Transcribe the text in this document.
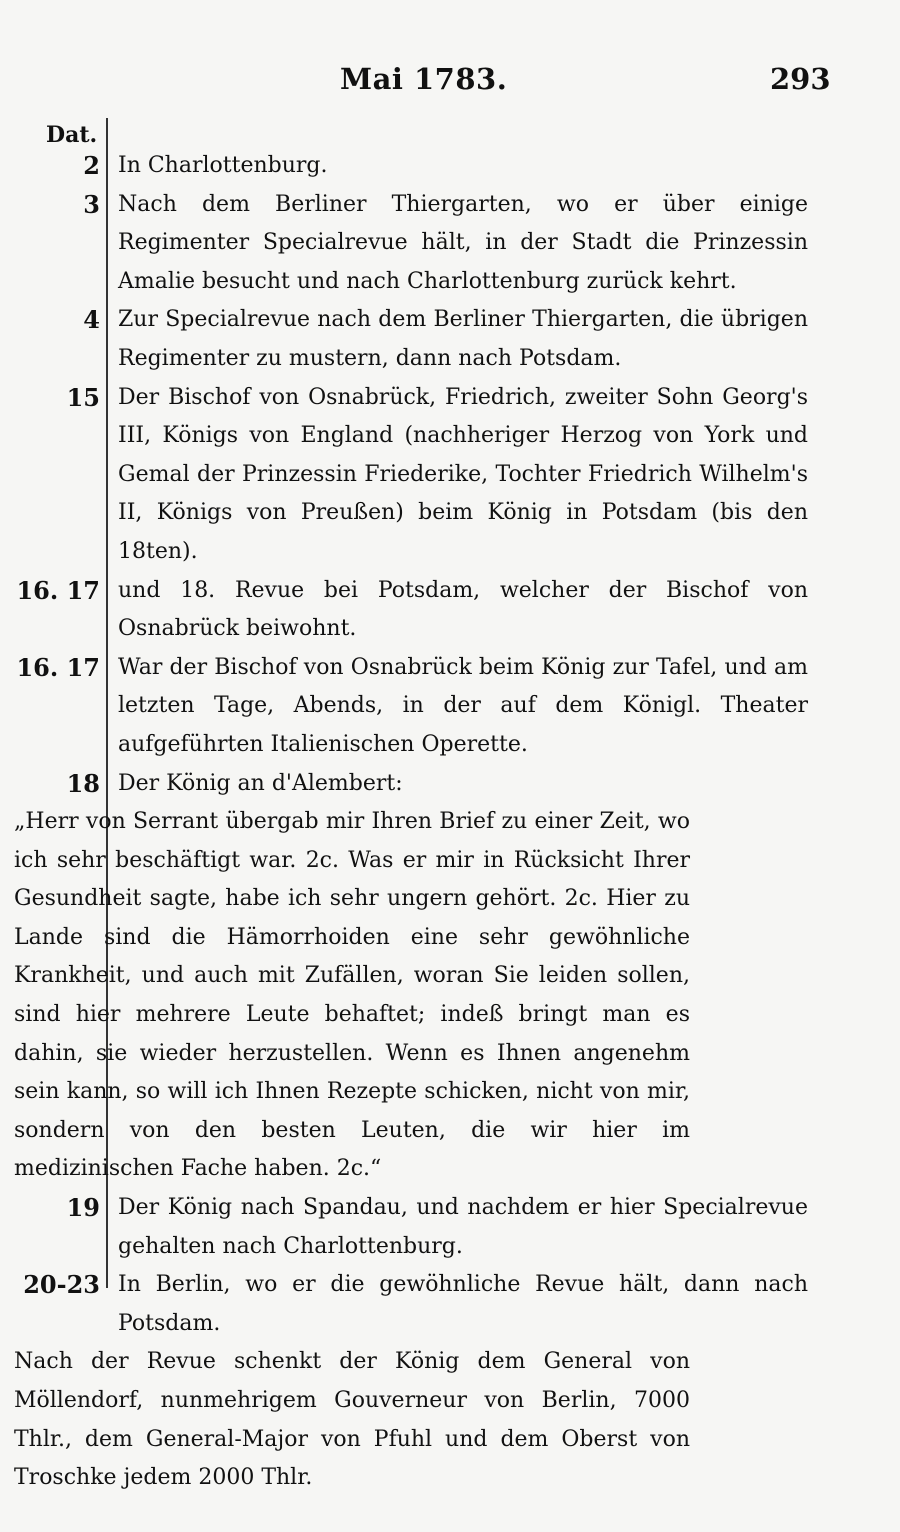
Mai 1783.	293
Dat.
2 In Charlottenburg.
3 Nach dem Berliner Thiergarten, wo er über einige Regimenter Specialrevue hält, in der Stadt die Prinzessin Amalie besucht und nach Charlottenburg zurück kehrt.
4 Zur Specialrevue nach dem Berliner Thiergarten, die übrigen Regimenter zu mustern, dann nach Potsdam.
15 Der Bischof von Osnabrück, Friedrich, zweiter Sohn Georg's III, Königs von England (nachheriger Herzog von York und Gemal der Prinzessin Friederike, Tochter Friedrich Wilhelm's II, Königs von Preußen) beim König in Potsdam (bis den 18ten).
16. 17 und 18. Revue bei Potsdam, welcher der Bischof von Osnabrück beiwohnt.
16. 17 War der Bischof von Osnabrück beim König zur Tafel, und am letzten Tage, Abends, in der auf dem Königl. Theater aufgeführten Italienischen Operette.
18 Der König an d'Alembert:
„Herr von Serrant übergab mir Ihren Brief zu einer Zeit, wo ich sehr beschäftigt war. 2c. Was er mir in Rücksicht Ihrer Gesundheit sagte, habe ich sehr ungern gehört. 2c. Hier zu Lande sind die Hämorrhoiden eine sehr gewöhnliche Krankheit, und auch mit Zufällen, woran Sie leiden sollen, sind hier mehrere Leute behaftet; indeß bringt man es dahin, sie wieder herzustellen. Wenn es Ihnen angenehm sein kann, so will ich Ihnen Rezepte schicken, nicht von mir, sondern von den besten Leuten, die wir hier im medizinischen Fache haben. 2c.“
19 Der König nach Spandau, und nachdem er hier Specialrevue gehalten nach Charlottenburg.
20-23 In Berlin, wo er die gewöhnliche Revue hält, dann nach Potsdam.
Nach der Revue schenkt der König dem General von Möllendorf, nunmehrigem Gouverneur von Berlin, 7000 Thlr., dem General-Major von Pfuhl und dem Oberst von Troschke jedem 2000 Thlr.
